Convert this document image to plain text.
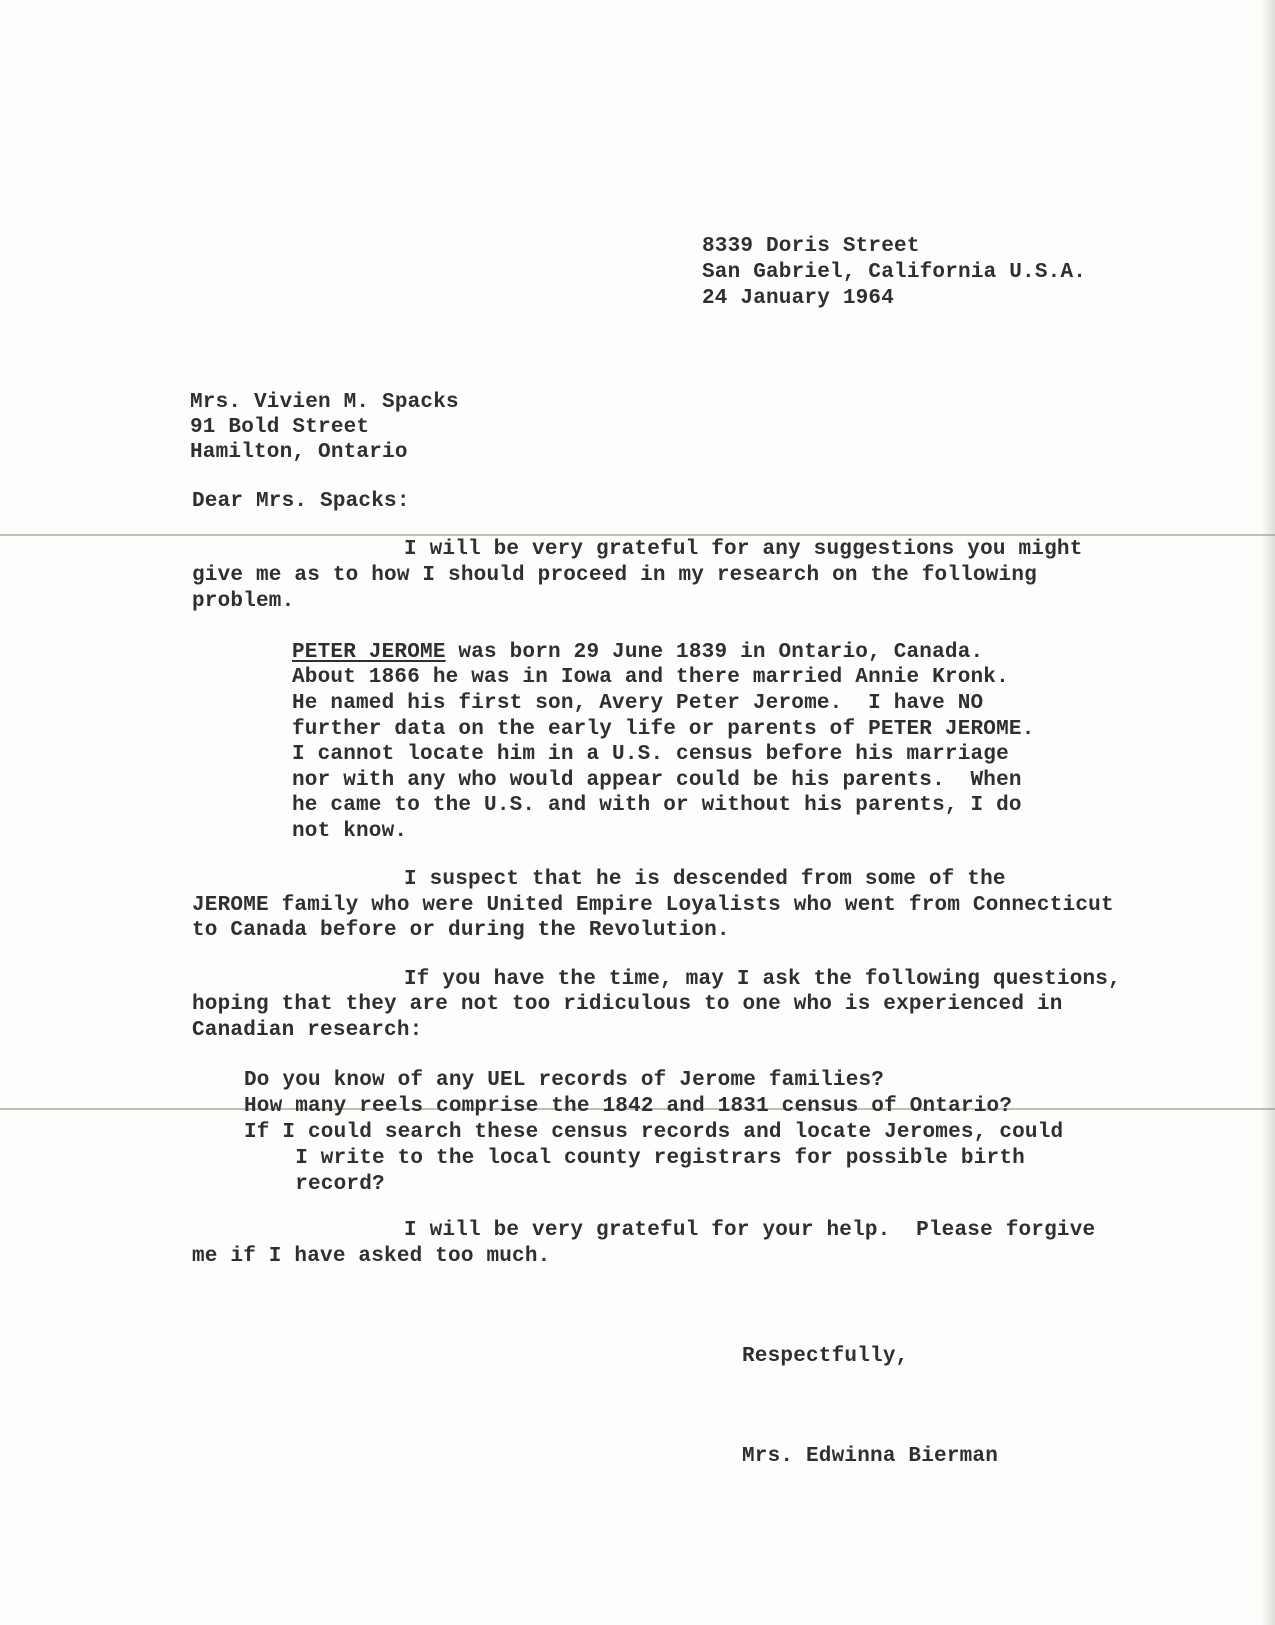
8339 Doris Street
San Gabriel, California U.S.A.
24 January 1964
Mrs. Vivien M. Spacks
91 Bold Street
Hamilton, Ontario
Dear Mrs. Spacks:
I will be very grateful for any suggestions you might
give me as to how I should proceed in my research on the following
problem.
PETER JEROME was born 29 June 1839 in Ontario, Canada.
About 1866 he was in Iowa and there married Annie Kronk.
He named his first son, Avery Peter Jerome.  I have NO
further data on the early life or parents of PETER JEROME.
I cannot locate him in a U.S. census before his marriage
nor with any who would appear could be his parents.  When
he came to the U.S. and with or without his parents, I do
not know.
I suspect that he is descended from some of the
JEROME family who were United Empire Loyalists who went from Connecticut
to Canada before or during the Revolution.
If you have the time, may I ask the following questions,
hoping that they are not too ridiculous to one who is experienced in
Canadian research:
Do you know of any UEL records of Jerome families?
How many reels comprise the 1842 and 1831 census of Ontario?
If I could search these census records and locate Jeromes, could
I write to the local county registrars for possible birth
record?
I will be very grateful for your help.  Please forgive
me if I have asked too much.
Respectfully,
Mrs. Edwinna Bierman
